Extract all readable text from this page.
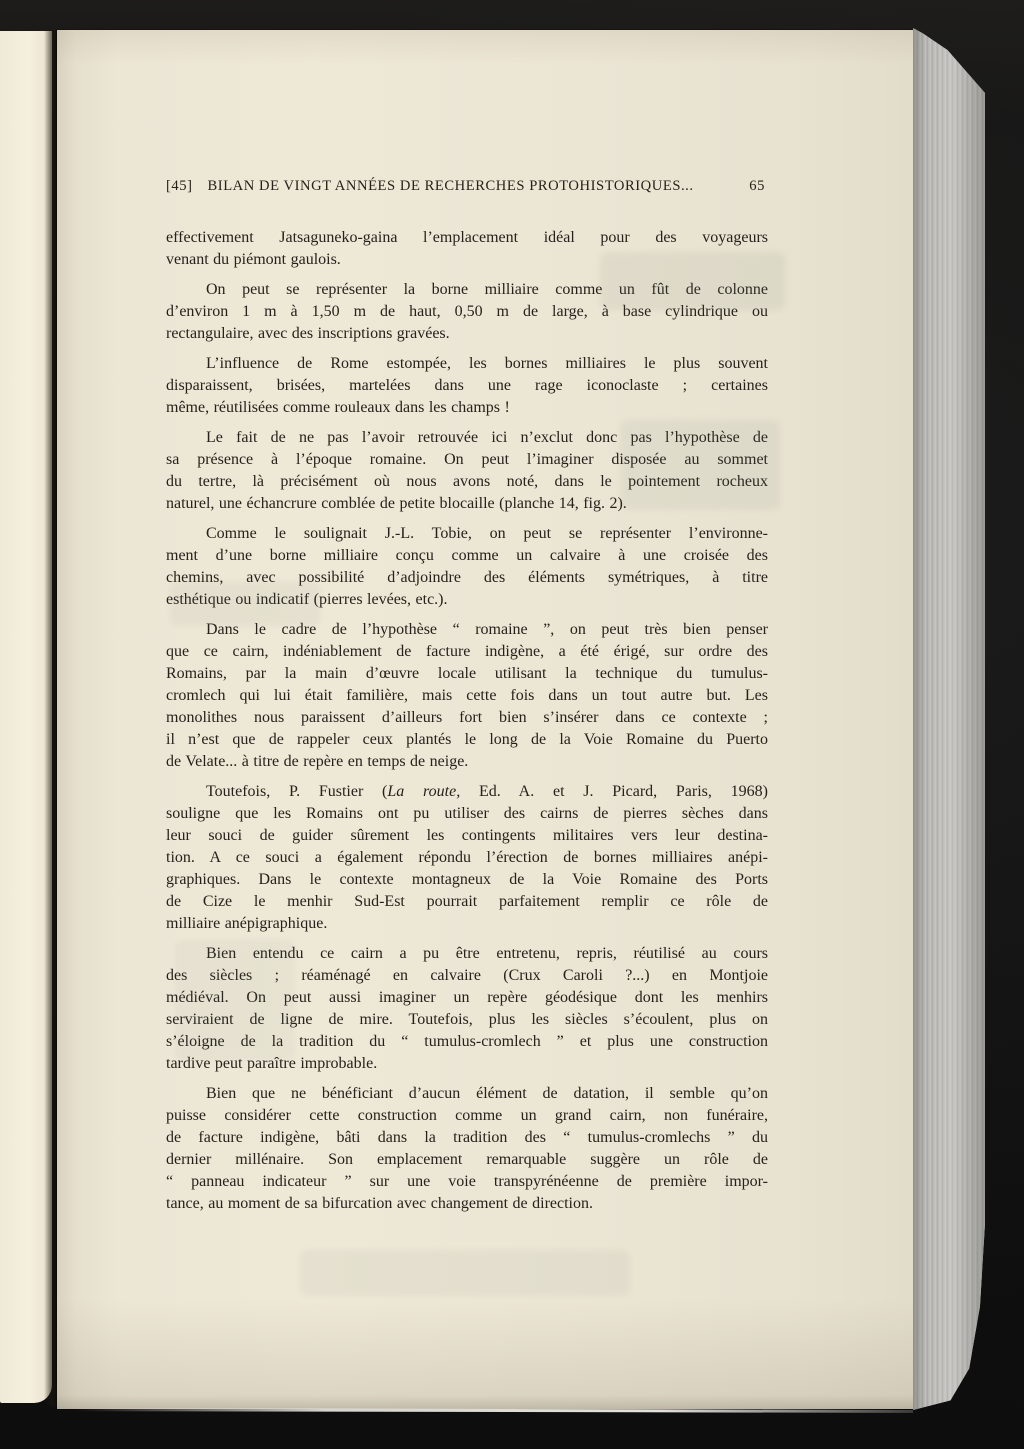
[45] BILAN DE VINGT ANNÉES DE RECHERCHES PROTOHISTORIQUES...	65
effectivement Jatsaguneko-gaina l’emplacement idéal pour des voyageurs
venant du piémont gaulois.
On peut se représenter la borne milliaire comme un fût de colonne
d’environ 1 m à 1,50 m de haut, 0,50 m de large, à base cylindrique ou
rectangulaire, avec des inscriptions gravées.
L’influence de Rome estompée, les bornes milliaires le plus souvent
disparaissent, brisées, martelées dans une rage iconoclaste ; certaines
même, réutilisées comme rouleaux dans les champs !
Le fait de ne pas l’avoir retrouvée ici n’exclut donc pas l’hypothèse de
sa présence à l’époque romaine. On peut l’imaginer disposée au sommet
du tertre, là précisément où nous avons noté, dans le pointement rocheux
naturel, une échancrure comblée de petite blocaille (planche 14, fig. 2).
Comme le soulignait J.-L. Tobie, on peut se représenter l’environne-
ment d’une borne milliaire conçu comme un calvaire à une croisée des
chemins, avec possibilité d’adjoindre des éléments symétriques, à titre
esthétique ou indicatif (pierres levées, etc.).
Dans le cadre de l’hypothèse “ romaine ”, on peut très bien penser
que ce cairn, indéniablement de facture indigène, a été érigé, sur ordre des
Romains, par la main d’œuvre locale utilisant la technique du tumulus-
cromlech qui lui était familière, mais cette fois dans un tout autre but. Les
monolithes nous paraissent d’ailleurs fort bien s’insérer dans ce contexte ;
il n’est que de rappeler ceux plantés le long de la Voie Romaine du Puerto
de Velate... à titre de repère en temps de neige.
Toutefois, P. Fustier (La route, Ed. A. et J. Picard, Paris, 1968)
souligne que les Romains ont pu utiliser des cairns de pierres sèches dans
leur souci de guider sûrement les contingents militaires vers leur destina-
tion. A ce souci a également répondu l’érection de bornes milliaires anépi-
graphiques. Dans le contexte montagneux de la Voie Romaine des Ports
de Cize le menhir Sud-Est pourrait parfaitement remplir ce rôle de
milliaire anépigraphique.
Bien entendu ce cairn a pu être entretenu, repris, réutilisé au cours
des siècles ; réaménagé en calvaire (Crux Caroli ?...) en Montjoie
médiéval. On peut aussi imaginer un repère géodésique dont les menhirs
serviraient de ligne de mire. Toutefois, plus les siècles s’écoulent, plus on
s’éloigne de la tradition du “ tumulus-cromlech ” et plus une construction
tardive peut paraître improbable.
Bien que ne bénéficiant d’aucun élément de datation, il semble qu’on
puisse considérer cette construction comme un grand cairn, non funéraire,
de facture indigène, bâti dans la tradition des “ tumulus-cromlechs ” du
dernier millénaire. Son emplacement remarquable suggère un rôle de
“ panneau indicateur ” sur une voie transpyrénéenne de première impor-
tance, au moment de sa bifurcation avec changement de direction.
